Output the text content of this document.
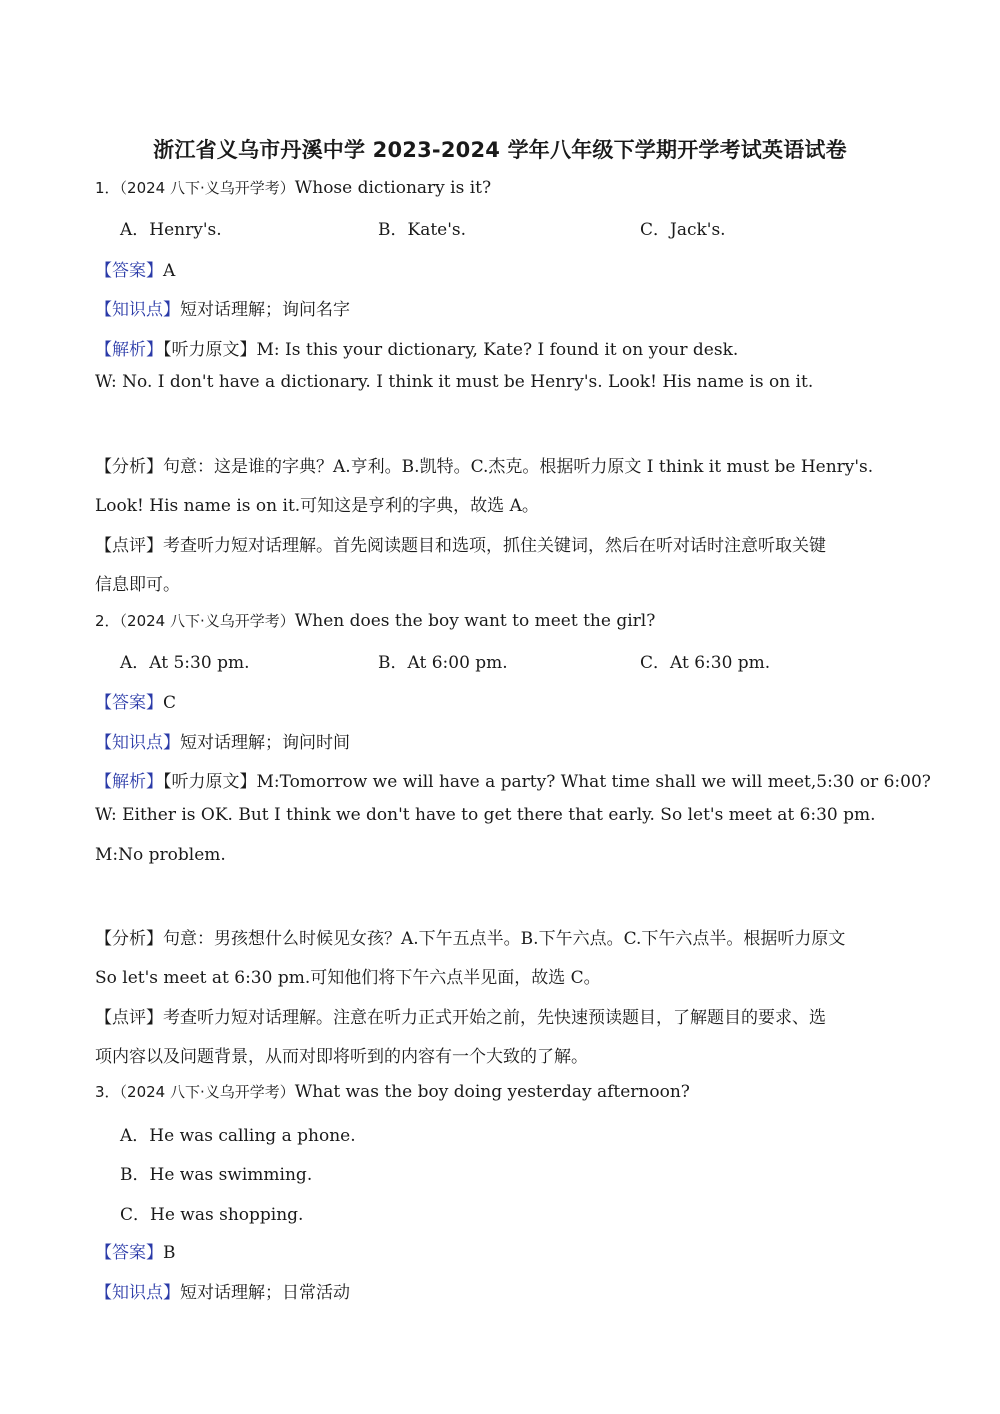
浙江省义乌市丹溪中学 2023-2024 学年八年级下学期开学考试英语试卷
1．（2024 八下·义乌开学考）Whose dictionary is it?
A．Henry's.	B．Kate's.	C．Jack's.
【答案】A
【知识点】短对话理解；询问名字
【解析】【听力原文】M: Is this your dictionary, Kate? I found it on your desk.
W: No. I don't have a dictionary. I think it must be Henry's. Look! His name is on it.
【分析】句意：这是谁的字典？A.亨利。B.凯特。C.杰克。根据听力原文 I think it must be Henry's.
Look! His name is on it.可知这是亨利的字典，故选 A。
【点评】考查听力短对话理解。首先阅读题目和选项，抓住关键词，然后在听对话时注意听取关键
信息即可。
2．（2024 八下·义乌开学考）When does the boy want to meet the girl?
A．At 5:30 pm.	B．At 6:00 pm.	C．At 6:30 pm.
【答案】C
【知识点】短对话理解；询问时间
【解析】【听力原文】M:Tomorrow we will have a party? What time shall we will meet,5:30 or 6:00?
W: Either is OK. But I think we don't have to get there that early. So let's meet at 6:30 pm.
M:No problem.
【分析】句意：男孩想什么时候见女孩？A.下午五点半。B.下午六点。C.下午六点半。根据听力原文
So let's meet at 6:30 pm.可知他们将下午六点半见面，故选 C。
【点评】考查听力短对话理解。注意在听力正式开始之前，先快速预读题目，了解题目的要求、选
项内容以及问题背景，从而对即将听到的内容有一个大致的了解。
3．（2024 八下·义乌开学考）What was the boy doing yesterday afternoon?
A．He was calling a phone.
B．He was swimming.
C．He was shopping.
【答案】B
【知识点】短对话理解；日常活动
